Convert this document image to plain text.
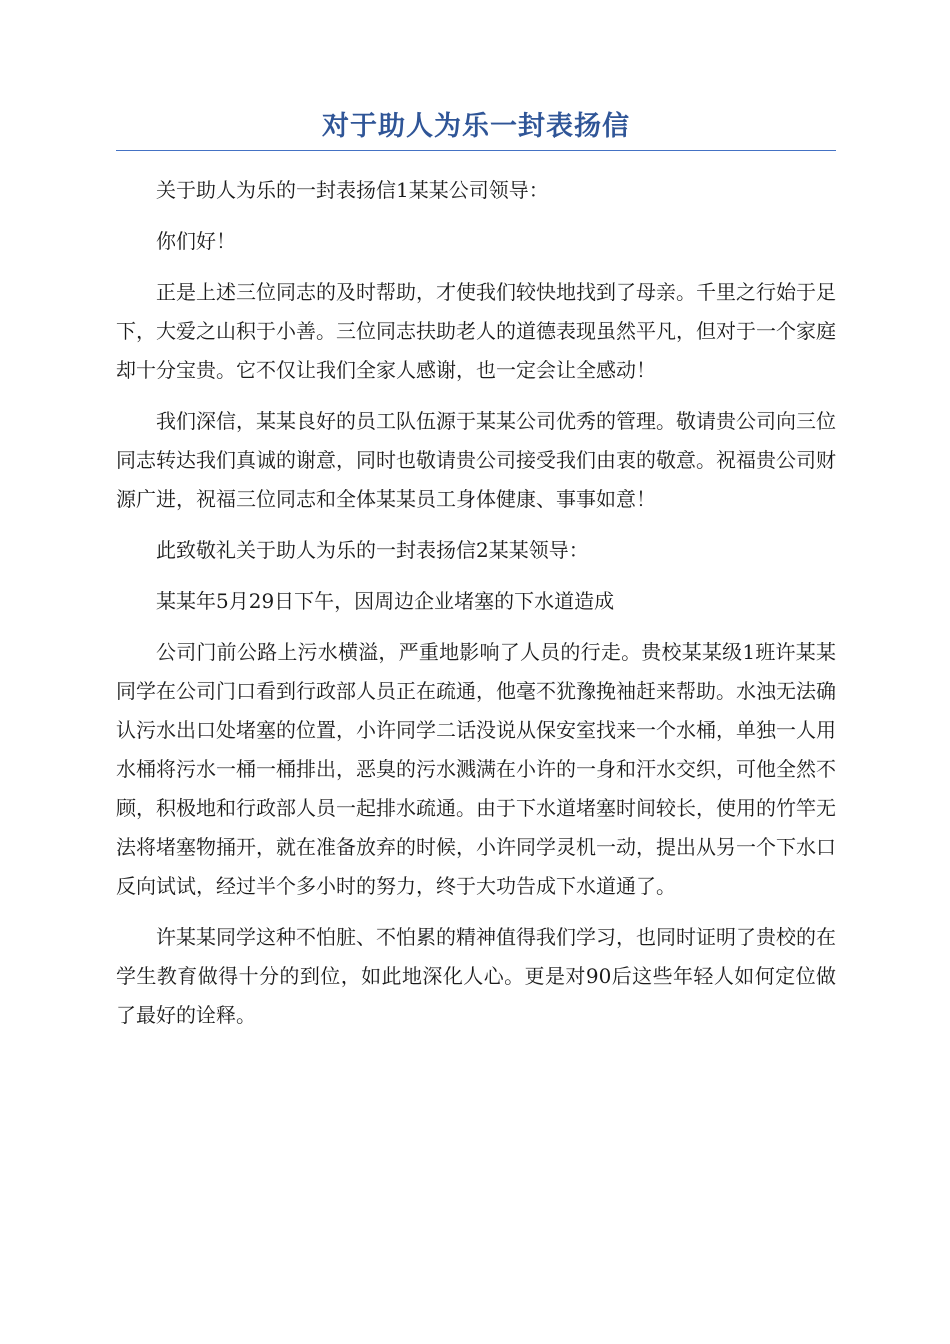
对于助人为乐一封表扬信

关于助人为乐的一封表扬信1某某公司领导：

你们好！

正是上述三位同志的及时帮助，才使我们较快地找到了母亲。千里之行始于足下，大爱之山积于小善。三位同志扶助老人的道德表现虽然平凡，但对于一个家庭却十分宝贵。它不仅让我们全家人感谢，也一定会让全感动！

我们深信，某某良好的员工队伍源于某某公司优秀的管理。敬请贵公司向三位同志转达我们真诚的谢意，同时也敬请贵公司接受我们由衷的敬意。祝福贵公司财源广进，祝福三位同志和全体某某员工身体健康、事事如意！

此致敬礼关于助人为乐的一封表扬信2某某领导：

某某年5月29日下午，因周边企业堵塞的下水道造成

公司门前公路上污水横溢，严重地影响了人员的行走。贵校某某级1班许某某同学在公司门口看到行政部人员正在疏通，他毫不犹豫挽袖赶来帮助。水浊无法确认污水出口处堵塞的位置，小许同学二话没说从保安室找来一个水桶，单独一人用水桶将污水一桶一桶排出，恶臭的污水溅满在小许的一身和汗水交织，可他全然不顾，积极地和行政部人员一起排水疏通。由于下水道堵塞时间较长，使用的竹竿无法将堵塞物捅开，就在准备放弃的时候，小许同学灵机一动，提出从另一个下水口反向试试，经过半个多小时的努力，终于大功告成下水道通了。

许某某同学这种不怕脏、不怕累的精神值得我们学习，也同时证明了贵校的在学生教育做得十分的到位，如此地深化人心。更是对90后这些年轻人如何定位做了最好的诠释。
